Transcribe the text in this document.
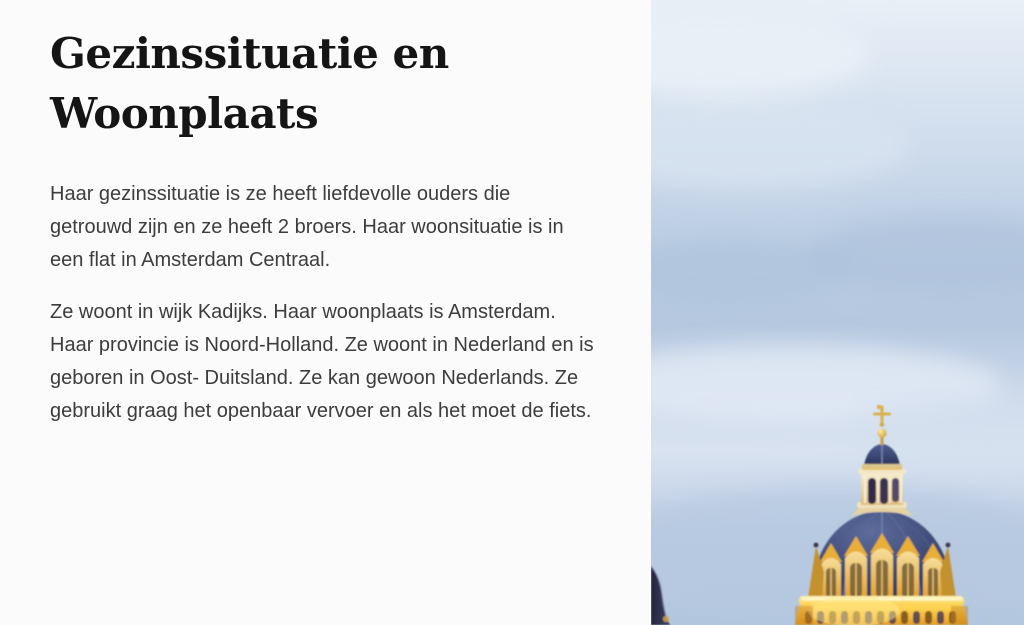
Gezinssituatie en Woonplaats

Haar gezinssituatie is ze heeft liefdevolle ouders die getrouwd zijn en ze heeft 2 broers. Haar woonsituatie is in een flat in Amsterdam Centraal.

Ze woont in wijk Kadijks. Haar woonplaats is Amsterdam. Haar provincie is Noord-Holland. Ze woont in Nederland en is geboren in Oost- Duitsland. Ze kan gewoon Nederlands. Ze gebruikt graag het openbaar vervoer en als het moet de fiets.
